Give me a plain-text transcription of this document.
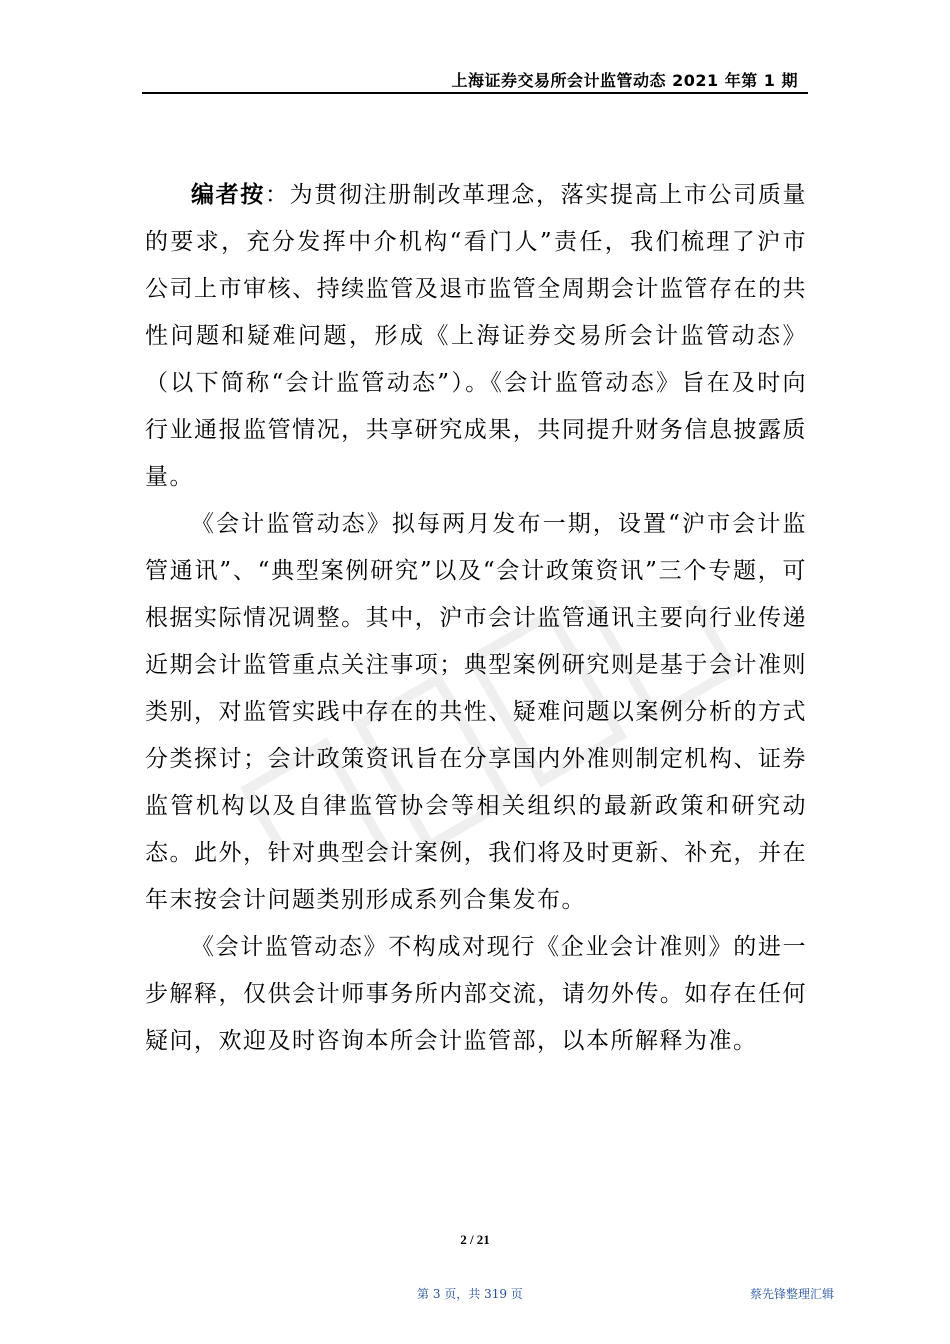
上海证券交易所会计监管动态 2021 年第 1 期

编者按：为贯彻注册制改革理念，落实提高上市公司质量的要求，充分发挥中介机构“看门人”责任，我们梳理了沪市公司上市审核、持续监管及退市监管全周期会计监管存在的共性问题和疑难问题，形成《上海证券交易所会计监管动态》（以下简称“会计监管动态”）。《会计监管动态》旨在及时向行业通报监管情况，共享研究成果，共同提升财务信息披露质量。

《会计监管动态》拟每两月发布一期，设置“沪市会计监管通讯”、“典型案例研究”以及“会计政策资讯”三个专题，可根据实际情况调整。其中，沪市会计监管通讯主要向行业传递近期会计监管重点关注事项；典型案例研究则是基于会计准则类别，对监管实践中存在的共性、疑难问题以案例分析的方式分类探讨；会计政策资讯旨在分享国内外准则制定机构、证券监管机构以及自律监管协会等相关组织的最新政策和研究动态。此外，针对典型会计案例，我们将及时更新、补充，并在年末按会计问题类别形成系列合集发布。

《会计监管动态》不构成对现行《企业会计准则》的进一步解释，仅供会计师事务所内部交流，请勿外传。如存在任何疑问，欢迎及时咨询本所会计监管部，以本所解释为准。

2 / 21
第 3 页，共 319 页	蔡先锋整理汇辑
